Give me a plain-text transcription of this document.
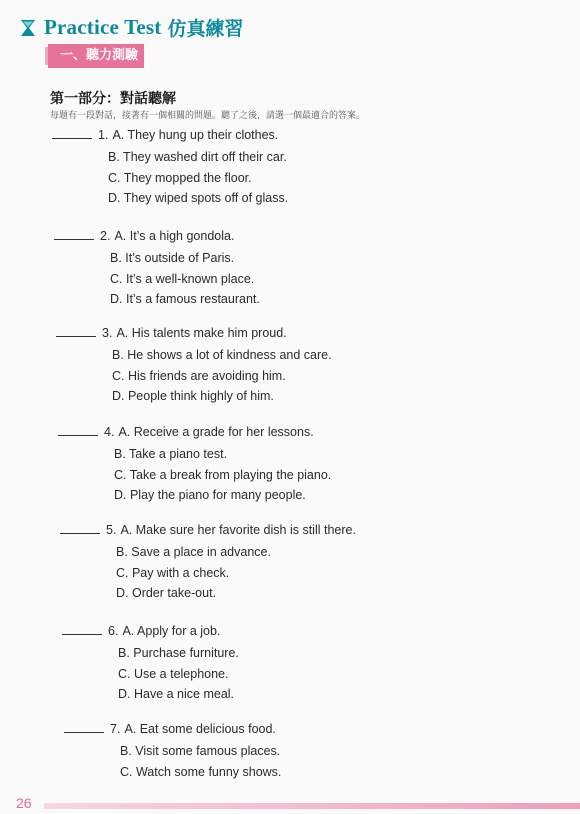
Practice Test 仿真練習
一、聽力測驗
第一部分：對話聽解
每題有一段對話，接著有一個相關的問題。聽了之後，請選一個最適合的答案。
1. A. They hung up their clothes.
B. They washed dirt off their car.
C. They mopped the floor.
D. They wiped spots off of glass.
2. A. It’s a high gondola.
B. It’s outside of Paris.
C. It’s a well-known place.
D. It’s a famous restaurant.
3. A. His talents make him proud.
B. He shows a lot of kindness and care.
C. His friends are avoiding him.
D. People think highly of him.
4. A. Receive a grade for her lessons.
B. Take a piano test.
C. Take a break from playing the piano.
D. Play the piano for many people.
5. A. Make sure her favorite dish is still there.
B. Save a place in advance.
C. Pay with a check.
D. Order take-out.
6. A. Apply for a job.
B. Purchase furniture.
C. Use a telephone.
D. Have a nice meal.
7. A. Eat some delicious food.
B. Visit some famous places.
C. Watch some funny shows.
26
